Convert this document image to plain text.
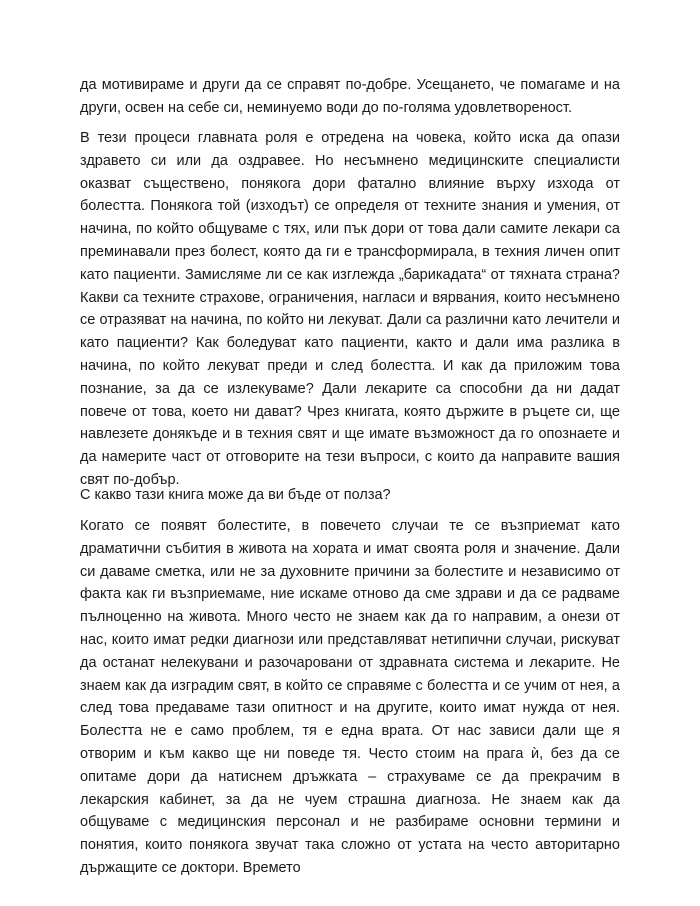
да мотивираме и други да се справят по-добре. Усещането, че помагаме и на други, освен на себе си, неминуемо води до по-голяма удовлетвореност.

В тези процеси главната роля е отредена на човека, който иска да опази здравето си или да оздравее. Но несъмнено медицинските специалисти оказват съществено, понякога дори фатално влияние върху изхода от болестта. Понякога той (изходът) се определя от техните знания и умения, от начина, по който общуваме с тях, или пък дори от това дали самите лекари са преминавали през болест, която да ги е трансформирала, в техния личен опит като пациенти. Замисляме ли се как изглежда „барикадата“ от тяхната страна? Какви са техните страхове, ограничения, нагласи и вярвания, които несъмнено се отразяват на начина, по който ни лекуват. Дали са различни като лечители и като пациенти? Как боледуват като пациенти, както и дали има разлика в начина, по който лекуват преди и след болестта. И как да приложим това познание, за да се излекуваме? Дали лекарите са способни да ни дадат повече от това, което ни дават? Чрез книгата, която държите в ръцете си, ще навлезете донякъде и в техния свят и ще имате възможност да го опознаете и да намерите част от отговорите на тези въпроси, с които да направите вашия свят по-добър.

С какво тази книга може да ви бъде от полза?

Когато се появят болестите, в повечето случаи те се възприемат като драматични събития в живота на хората и имат своята роля и значение. Дали си даваме сметка, или не за духовните причини за болестите и независимо от факта как ги възприемаме, ние искаме отново да сме здрави и да се радваме пълноценно на живота. Много често не знаем как да го направим, а онези от нас, които имат редки диагнози или представляват нетипични случаи, рискуват да останат нелекувани и разочаровани от здравната система и лекарите. Не знаем как да изградим свят, в който се справяме с болестта и се учим от нея, а след това предаваме тази опитност и на другите, които имат нужда от нея. Болестта не е само проблем, тя е една врата. От нас зависи дали ще я отворим и към какво ще ни поведе тя. Често стоим на прага ѝ, без да се опитаме дори да натиснем дръжката – страхуваме се да прекрачим в лекарския кабинет, за да не чуем страшна диагноза. Не знаем как да общуваме с медицинския персонал и не разбираме основни термини и понятия, които понякога звучат така сложно от устата на често авторитарно държащите се доктори. Времето
